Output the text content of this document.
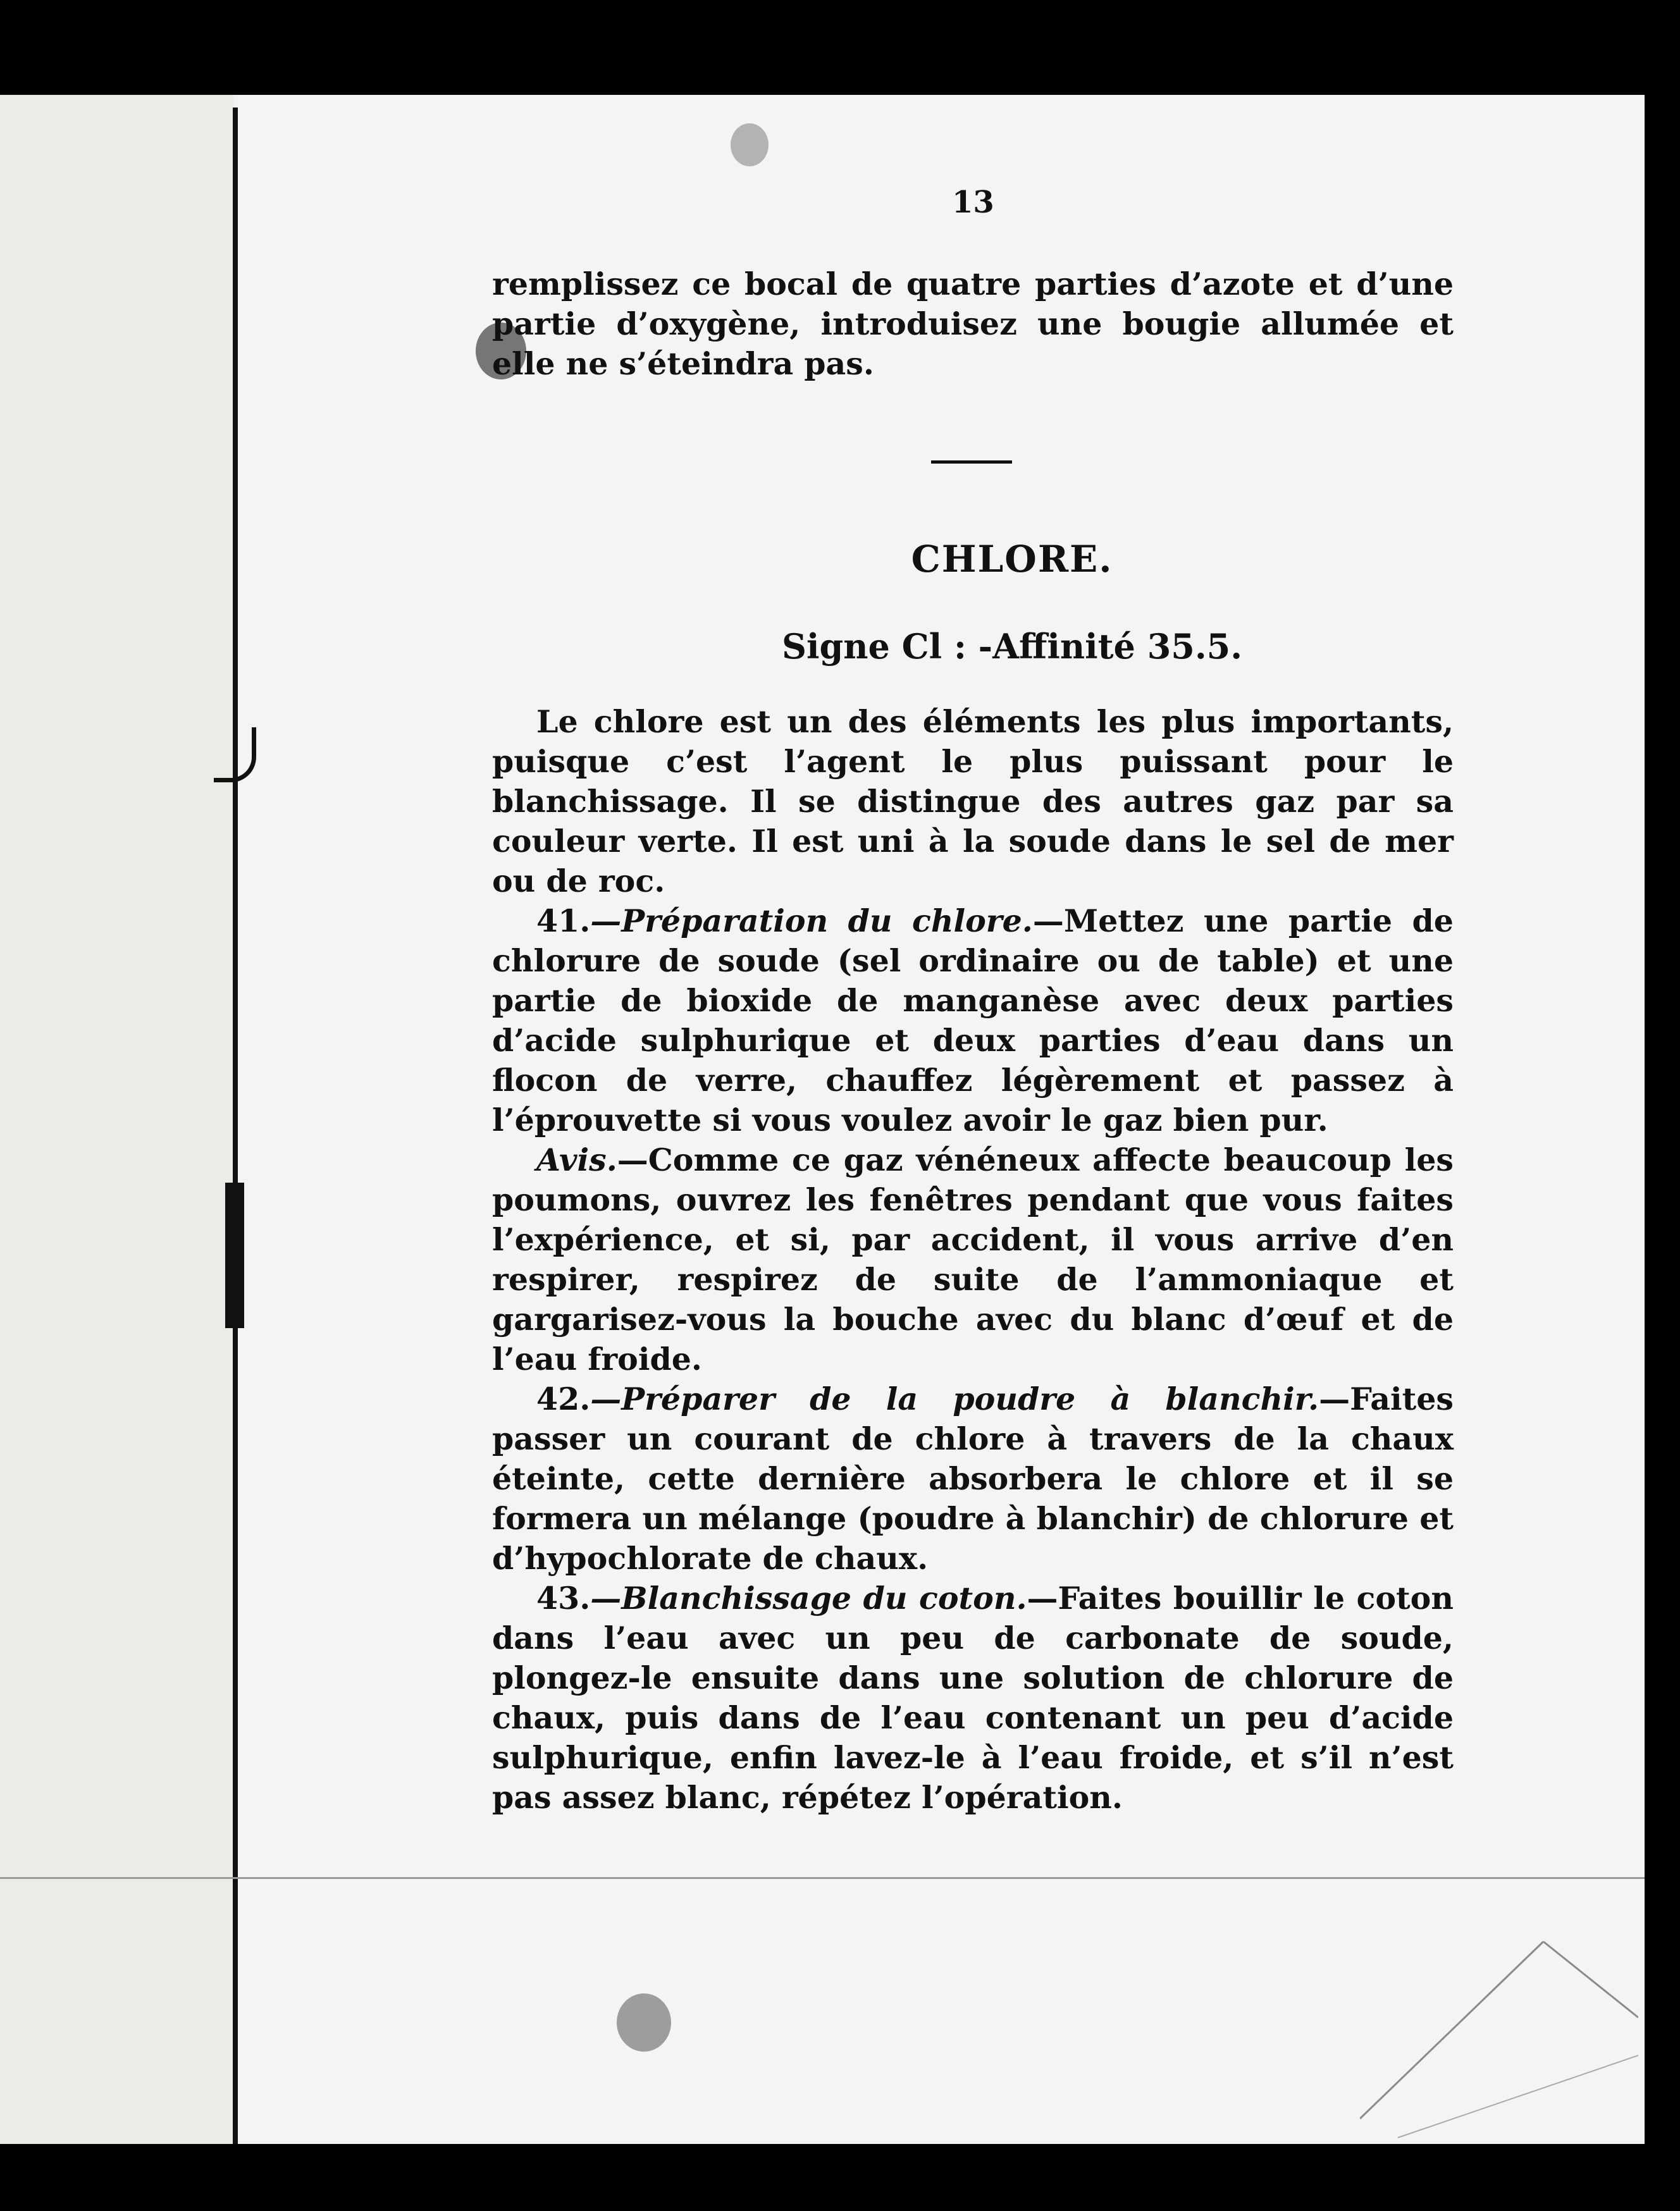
13

remplissez ce bocal de quatre parties d’azote et d’une partie d’oxygène, introduisez une bougie allumée et elle ne s’éteindra pas.

CHLORE.
Signe Cl : -Affinité 35.5.

Le chlore est un des éléments les plus importants, puisque c’est l’agent le plus puissant pour le blanchissage. Il se distingue des autres gaz par sa couleur verte. Il est uni à la soude dans le sel de mer ou de roc.

41.—Préparation du chlore.—Mettez une partie de chlorure de soude (sel ordinaire ou de table) et une partie de bioxide de manganèse avec deux parties d’acide sulphurique et deux parties d’eau dans un flocon de verre, chauffez légèrement et passez à l’éprouvette si vous voulez avoir le gaz bien pur.

Avis.—Comme ce gaz vénéneux affecte beaucoup les poumons, ouvrez les fenêtres pendant que vous faites l’expérience, et si, par accident, il vous arrive d’en respirer, respirez de suite de l’ammoniaque et gargarisez-vous la bouche avec du blanc d’œuf et de l’eau froide.

42.—Préparer de la poudre à blanchir.—Faites passer un courant de chlore à travers de la chaux éteinte, cette dernière absorbera le chlore et il se formera un mélange (poudre à blanchir) de chlorure et d’hypochlorate de chaux.

43.—Blanchissage du coton.—Faites bouillir le coton dans l’eau avec un peu de carbonate de soude, plongez-le ensuite dans une solution de chlorure de chaux, puis dans de l’eau contenant un peu d’acide sulphurique, enfin lavez-le à l’eau froide, et s’il n’est pas assez blanc, répétez l’opération.
